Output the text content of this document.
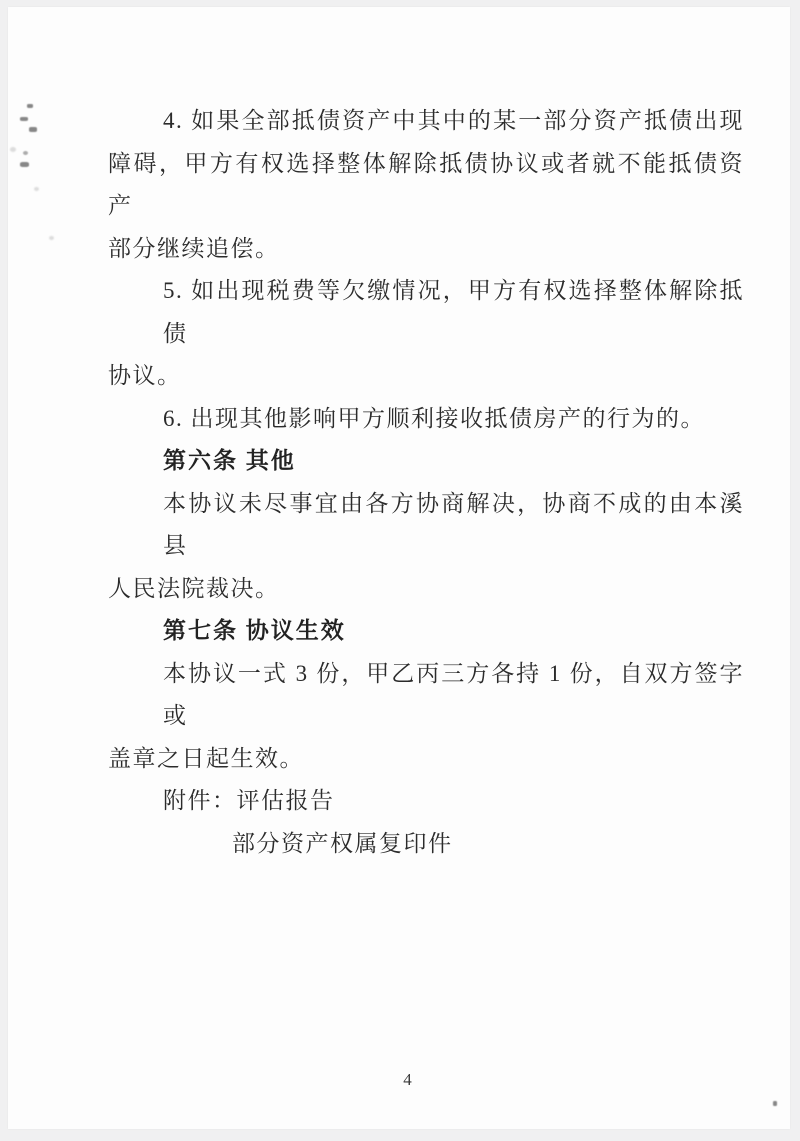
4. 如果全部抵债资产中其中的某一部分资产抵债出现
障碍，甲方有权选择整体解除抵债协议或者就不能抵债资产
部分继续追偿。
5. 如出现税费等欠缴情况，甲方有权选择整体解除抵债
协议。
6. 出现其他影响甲方顺利接收抵债房产的行为的。
第六条 其他
本协议未尽事宜由各方协商解决，协商不成的由本溪县
人民法院裁决。
第七条 协议生效
本协议一式 3 份，甲乙丙三方各持 1 份，自双方签字或
盖章之日起生效。
附件：评估报告
部分资产权属复印件
4
